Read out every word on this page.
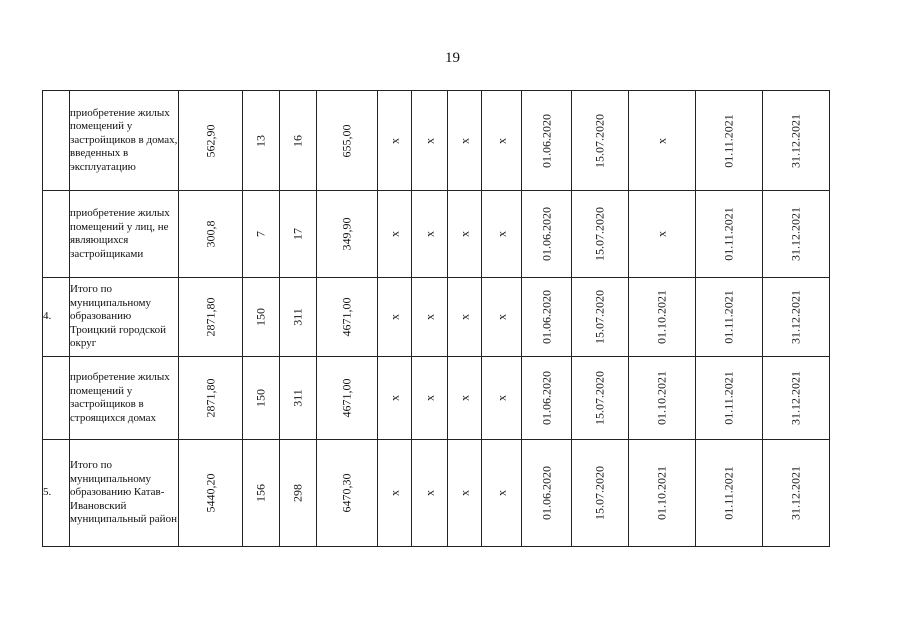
19
	приобретение жилых помещений у застройщиков в домах, введенных в эксплуатацию	562,90	13	16	655,00	x	x	x	x	01.06.2020	15.07.2020	x	01.11.2021	31.12.2021

	приобретение жилых помещений у лиц, не являющихся застройщиками	300,8	7	17	349,90	x	x	x	x	01.06.2020	15.07.2020	x	01.11.2021	31.12.2021

4.	Итого по муниципальному образованию Троицкий городской округ	2871,80	150	311	4671,00	x	x	x	x	01.06.2020	15.07.2020	01.10.2021	01.11.2021	31.12.2021

	приобретение жилых помещений у застройщиков в строящихся домах	2871,80	150	311	4671,00	x	x	x	x	01.06.2020	15.07.2020	01.10.2021	01.11.2021	31.12.2021

5.	Итого по муниципальному образованию Катав-Ивановский муниципальный район	5440,20	156	298	6470,30	x	x	x	x	01.06.2020	15.07.2020	01.10.2021	01.11.2021	31.12.2021
